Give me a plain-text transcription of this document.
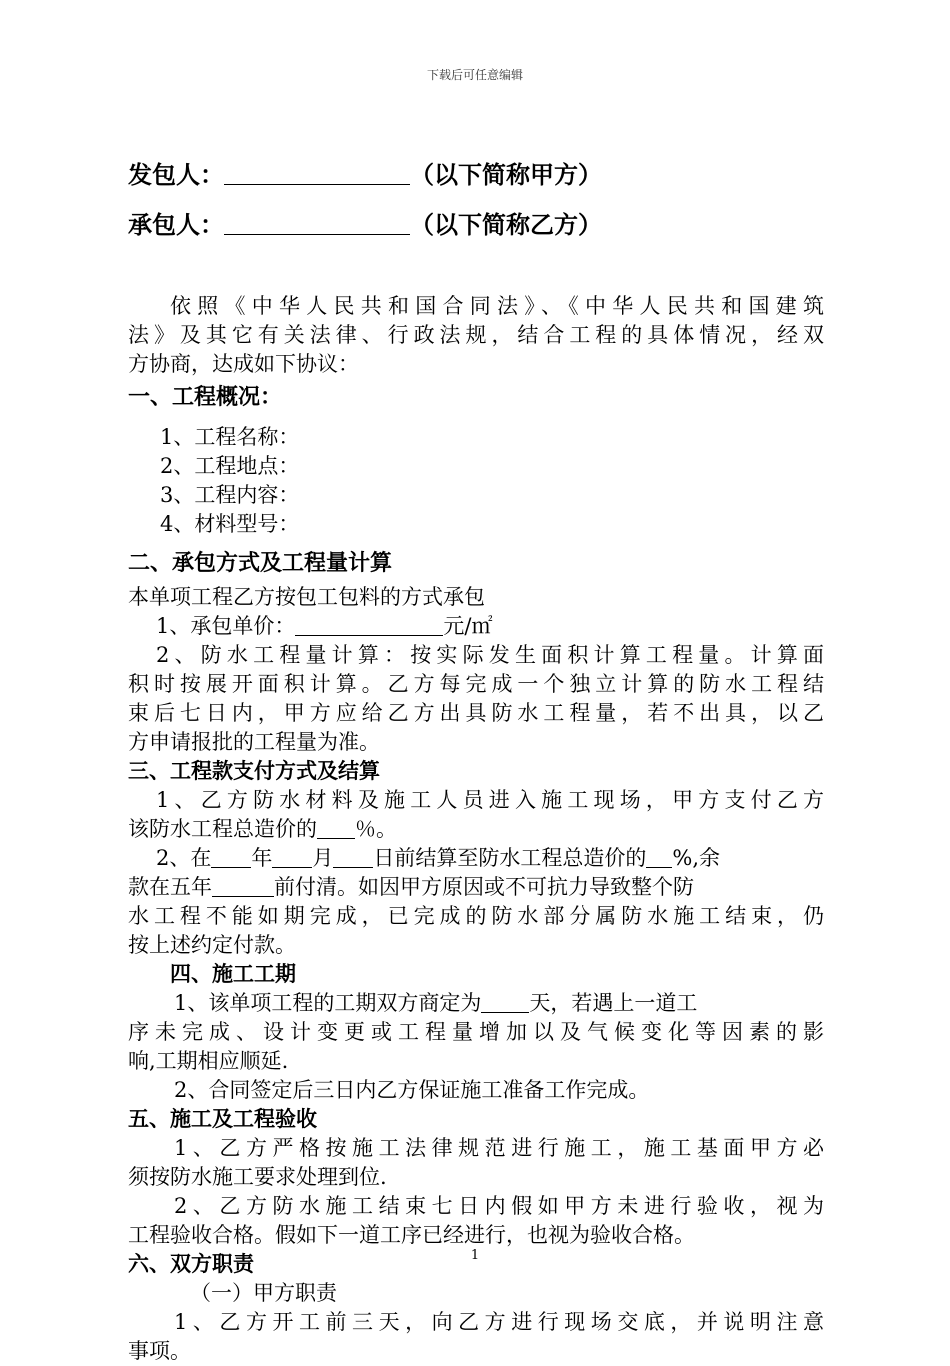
下载后可任意编辑
发包人：	（以下简称甲方）
承包人：	（以下简称乙方）
依照《中华人民共和国合同法》、《中华人民共和国建筑
法》及其它有关法律、行政法规，结合工程的具体情况，经双
方协商，达成如下协议：
一、工程概况：
1、工程名称：
2、工程地点：
3、工程内容：
4、材料型号：
二、承包方式及工程量计算
本单项工程乙方按包工包料的方式承包
1、承包单价：	元/㎡
2、防水工程量计算：按实际发生面积计算工程量。计算面
积时按展开面积计算。乙方每完成一个独立计算的防水工程结
束后七日内，甲方应给乙方出具防水工程量，若不出具，以乙
方申请报批的工程量为准。
三、工程款支付方式及结算
1、乙方防水材料及施工人员进入施工现场，甲方支付乙方
该防水工程总造价的 ％。
2、在 年 月 日前结算至防水工程总造价的 %,余
款在五年	前付清。如因甲方原因或不可抗力导致整个防
水工程不能如期完成，已完成的防水部分属防水施工结束，仍
按上述约定付款。
四、施工工期
1、该单项工程的工期双方商定为 天，若遇上一道工
序未完成、设计变更或工程量增加以及气候变化等因素的影
响,工期相应顺延.
2、合同签定后三日内乙方保证施工准备工作完成。
五、施工及工程验收
1、乙方严格按施工法律规范进行施工，施工基面甲方必
须按防水施工要求处理到位.
2、乙方防水施工结束七日内假如甲方未进行验收，视为
工程验收合格。假如下一道工序已经进行，也视为验收合格。
六、双方职责
（一）甲方职责
1、乙方开工前三天，向乙方进行现场交底，并说明注意
事项。
1
